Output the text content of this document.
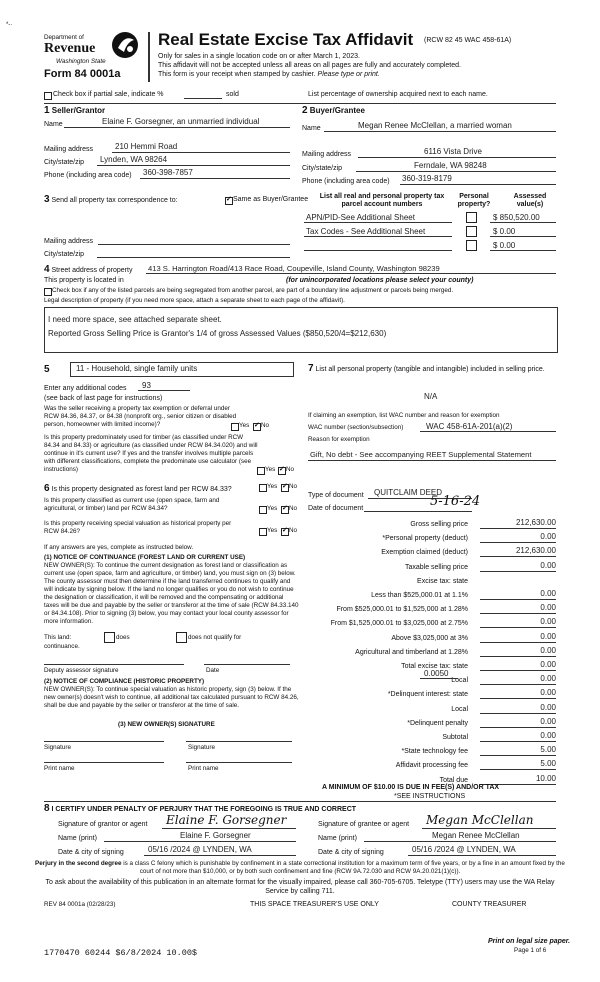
*-·
Department of
Revenue
Washington State
Form 84 0001a
Real Estate Excise Tax Affidavit (RCW 82 45 WAC 458-61A)
Only for sales in a single location code on or after March 1, 2023.
This affidavit will not be accepted unless all areas on all pages are fully and accurately completed.
This form is your receipt when stamped by cashier. Please type or print.
Check box if partial sale, indicate %	sold	List percentage of ownership acquired next to each name.
1 Seller/Grantor
Name	Elaine F. Gorsegner, an unmarried individual
Mailing address	210 Hemmi Road
City/state/zip Lynden, WA 98264
Phone (including area code) 360-398-7857
2 Buyer/Grantee
Name	Megan Renee McClellan, a married woman
Mailing address	6116 Vista Drive
City/state/zip	Ferndale, WA 98248
Phone (including area code) 360-319-8179
3 Send all property tax correspondence to: ✓	Same as Buyer/Grantee
Mailing address
City/state/zip
List all real and personal property tax
parcel account numbers
Personal
property?
Assessed
value(s)
APN/PID-See Additional Sheet	$ 850,520.00
Tax Codes - See Additional Sheet	$ 0.00
$ 0.00
4 Street address of property 413 S. Harrington Road/413 Race Road, Coupeville, Island County, Washington 98239
This property is located in	(for unincorporated locations please select your county)
Check box if any of the listed parcels are being segregated from another parcel, are part of a boundary line adjustment or parcels being merged.
Legal description of property (if you need more space, attach a separate sheet to each page of the affidavit).
I need more space, see attached separate sheet.
Reported Gross Selling Price is Grantor's 1/4 of gross Assessed Values ($850,520/4=$212,630)
5	11 - Household, single family units
Enter any additional codes 93
(see back of last page for instructions)
Was the seller receiving a property tax exemption or deferral under RCW 84.36, 84.37, or 84.38 (nonprofit org., senior citizen or disabled person, homeowner with limited income)?	Yes ✓ No
Is this property predominately used for timber (as classified under RCW 84.34 and 84.33) or agriculture (as classified under RCW 84.34.020) and will continue in it's current use? If yes and the transfer involves multiple parcels with different classifications, complete the predominate use calculator (see instructions)	Yes ✓ No
6 Is this property designated as forest land per RCW 84.33?	Yes ✓ No
Is this property classified as current use (open space, farm and agricultural, or timber) land per RCW 84.34?	Yes ✓ No
Is this property receiving special valuation as historical property per RCW 84.26?	Yes ✓ No
If any answers are yes, complete as instructed below.
(1) NOTICE OF CONTINUANCE (FOREST LAND OR CURRENT USE)
NEW OWNER(S): To continue the current designation as forest land or classification as current use (open space, farm and agriculture, or timber) land, you must sign on (3) below. The county assessor must then determine if the land transferred continues to qualify and will indicate by signing below. If the land no longer qualifies or you do not wish to continue the designation or classification, it will be removed and the compensating or additional taxes will be due and payable by the seller or transferor at the time of sale (RCW 84.33.140 or 84.34.108). Prior to signing (3) below, you may contact your local county assessor for more information.
This land:	does	does not qualify for
continuance.
Deputy assessor signature	Date
(2) NOTICE OF COMPLIANCE (HISTORIC PROPERTY)
NEW OWNER(S): To continue special valuation as historic property, sign (3) below. If the new owner(s) doesn't wish to continue, all additional tax calculated pursuant to RCW 84.26, shall be due and payable by the seller or transferor at the time of sale.
(3) NEW OWNER(S) SIGNATURE
Signature	Signature
Print name	Print name
7 List all personal property (tangible and intangible) included in selling price.
N/A
If claiming an exemption, list WAC number and reason for exemption
WAC number (section/subsection)	WAC 458-61A-201(a)(2)
Reason for exemption
Gift, No debt - See accompanying REET Supplemental Statement
Type of document QUITCLAIM DEED
Date of document	5-16-24
Gross selling price	212,630.00
*Personal property (deduct)	0.00
Exemption claimed (deduct)	212,630.00
Taxable selling price	0.00
Excise tax: state
Less than $525,000.01 at 1.1%	0.00
From $525,000.01 to $1,525,000 at 1.28%	0.00
From $1,525,000.01 to $3,025,000 at 2.75%	0.00
Above $3,025,000 at 3%	0.00
Agricultural and timberland at 1.28%	0.00
Total excise tax: state	0.00
Local	0.00
*Delinquent interest: state	0.00
Local	0.00
*Delinquent penalty	0.00
Subtotal	0.00
*State technology fee	5.00
Affidavit processing fee	5.00
Total due	10.00
0.0050
A MINIMUM OF $10.00 IS DUE IN FEE(S) AND/OR TAX
*SEE INSTRUCTIONS
8 I CERTIFY UNDER PENALTY OF PERJURY THAT THE FOREGOING IS TRUE AND CORRECT
Signature of grantor or agent Elaine F. Gorsegner	Signature of grantee or agent Megan McClellan
Name (print)	Elaine F. Gorsegner	Name (print)	Megan Renee McClellan
Date & city of signing	05/16 /2024 @ LYNDEN, WA	Date & city of signing	05/16 /2024 @ LYNDEN, WA
Perjury in the second degree is a class C felony which is punishable by confinement in a state correctional institution for a maximum term of five years, or by a fine in an amount fixed by the court of not more than $10,000, or by both such confinement and fine (RCW 9A.72.030 and RCW 9A.20.021(1)(c)).
To ask about the availability of this publication in an alternate format for the visually impaired, please call 360-705-6705. Teletype (TTY) users may use the WA Relay Service by calling 711.
REV 84 0001a (02/28/23)	THIS SPACE TREASURER'S USE ONLY	COUNTY TREASURER
1770470 60244 $6/8/2024 10.00$
Print on legal size paper.
Page 1 of 6
